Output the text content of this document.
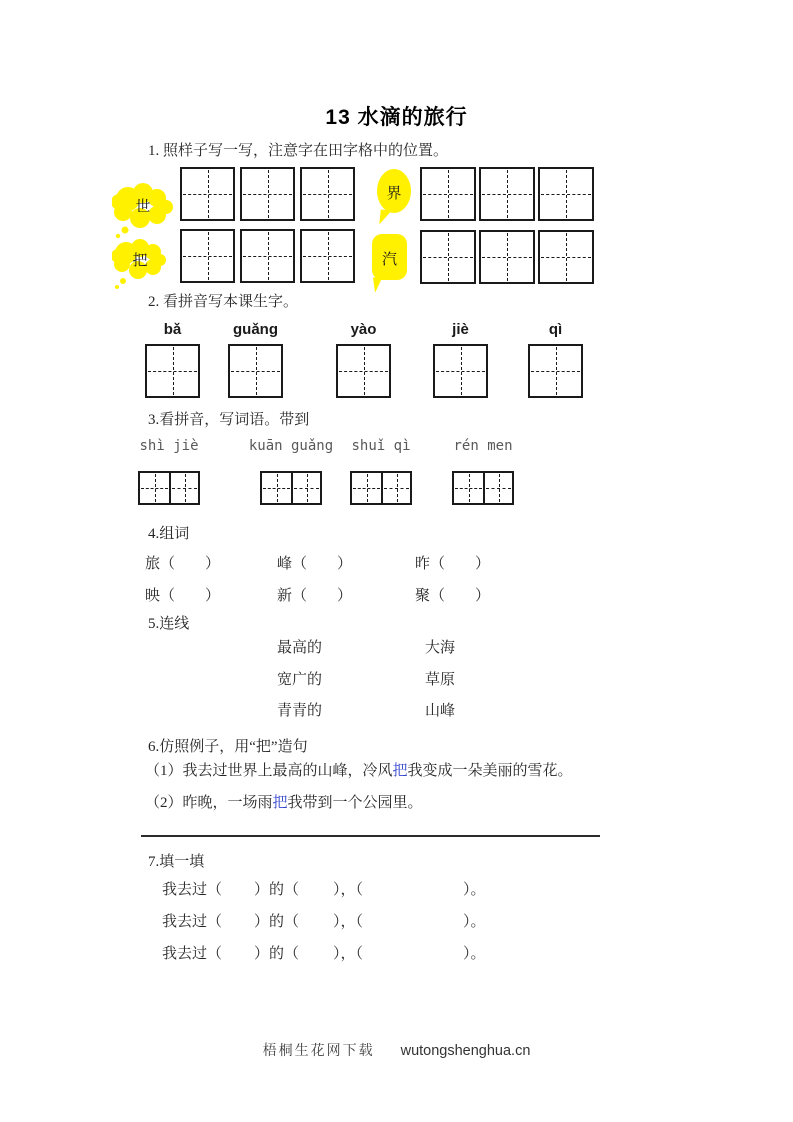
13 水滴的旅行
1. 照样子写一写，注意字在田字格中的位置。
世
把
界
汽
2. 看拼音写本课生字。
bǎ	guǎng	yào	jiè	qì
3.看拼音，写词语。带到
shì jiè	kuān guǎng shuǐ qì	rén men
4.组词
旅（　　）	峰（　　）	昨（　　）
映（　　）	新（　　）	聚（　　）
5.连线
最高的
宽广的
青青的
大海
草原
山峰
6.仿照例子，用“把”造句
（1）我去过世界上最高的山峰，冷风把我变成一朵美丽的雪花。
（2）昨晚，一场雨把我带到一个公园里。
7.填一填
我去过（ ）的（ ），（	）。
我去过（ ）的（ ），（	）。
我去过（ ）的（ ），（	）。
梧桐生花网下载 wutongshenghua.cn
